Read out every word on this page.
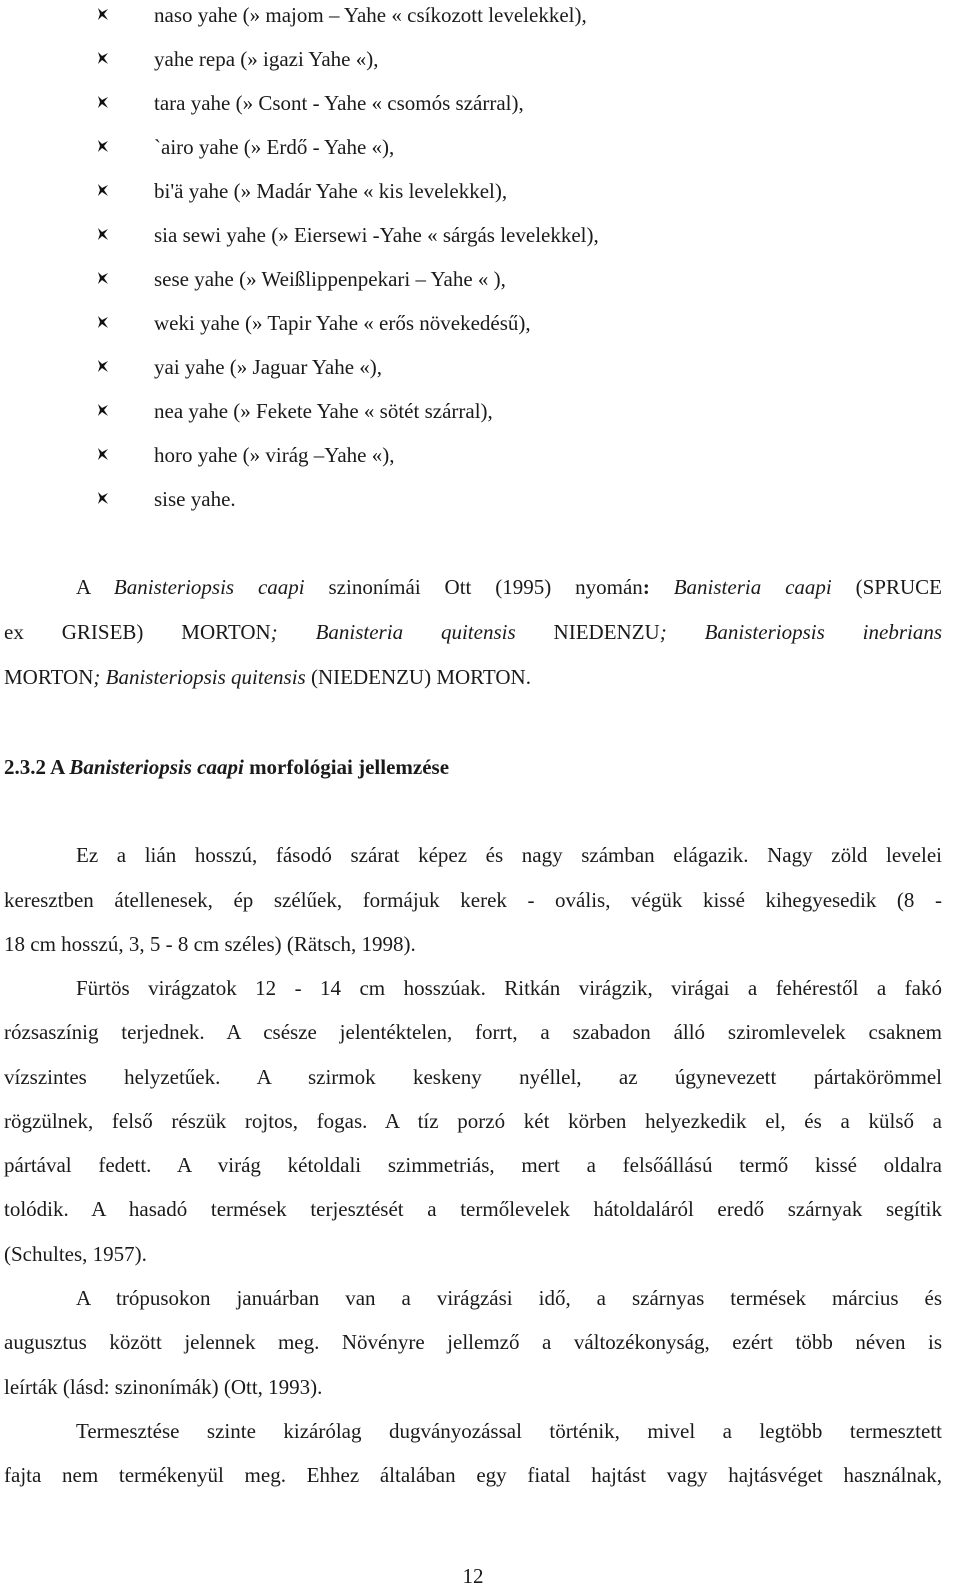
naso yahe (» majom – Yahe « csíkozott levelekkel),
yahe repa (» igazi Yahe «),
tara yahe (» Csont - Yahe « csomós szárral),
`airo yahe (» Erdő - Yahe «),
bi'ä yahe (» Madár Yahe « kis levelekkel),
sia sewi yahe (» Eiersewi -Yahe « sárgás levelekkel),
sese yahe (» Weißlippenpekari – Yahe « ),
weki yahe (» Tapir Yahe « erős növekedésű),
yai yahe (» Jaguar Yahe «),
nea yahe (» Fekete Yahe « sötét szárral),
horo yahe (» virág –Yahe «),
sise yahe.
A Banisteriopsis caapi szinonímái Ott (1995) nyomán: Banisteria caapi (SPRUCE
ex GRISEB) MORTON; Banisteria quitensis NIEDENZU; Banisteriopsis inebrians
MORTON; Banisteriopsis quitensis (NIEDENZU) MORTON.
2.3.2 A Banisteriopsis caapi morfológiai jellemzése
Ez a lián hosszú, fásodó szárat képez és nagy számban elágazik. Nagy zöld levelei
keresztben átellenesek, ép szélűek, formájuk kerek - ovális, végük kissé kihegyesedik (8 -
18 cm hosszú, 3, 5 - 8 cm széles) (Rätsch, 1998).
Fürtös virágzatok 12 - 14 cm hosszúak. Ritkán virágzik, virágai a fehérestől a fakó
rózsaszínig terjednek. A csésze jelentéktelen, forrt, a szabadon álló sziromlevelek csaknem
vízszintes helyzetűek. A szirmok keskeny nyéllel, az úgynevezett pártakörömmel
rögzülnek, felső részük rojtos, fogas. A tíz porzó két körben helyezkedik el, és a külső a
pártával fedett. A virág kétoldali szimmetriás, mert a felsőállású termő kissé oldalra
tolódik. A hasadó termések terjesztését a termőlevelek hátoldaláról eredő szárnyak segítik
(Schultes, 1957).
A trópusokon januárban van a virágzási idő, a szárnyas termések március és
augusztus között jelennek meg. Növényre jellemző a változékonyság, ezért több néven is
leírták (lásd: szinonímák) (Ott, 1993).
Termesztése szinte kizárólag dugványozással történik, mivel a legtöbb termesztett
fajta nem termékenyül meg. Ehhez általában egy fiatal hajtást vagy hajtásvéget használnak,
12
